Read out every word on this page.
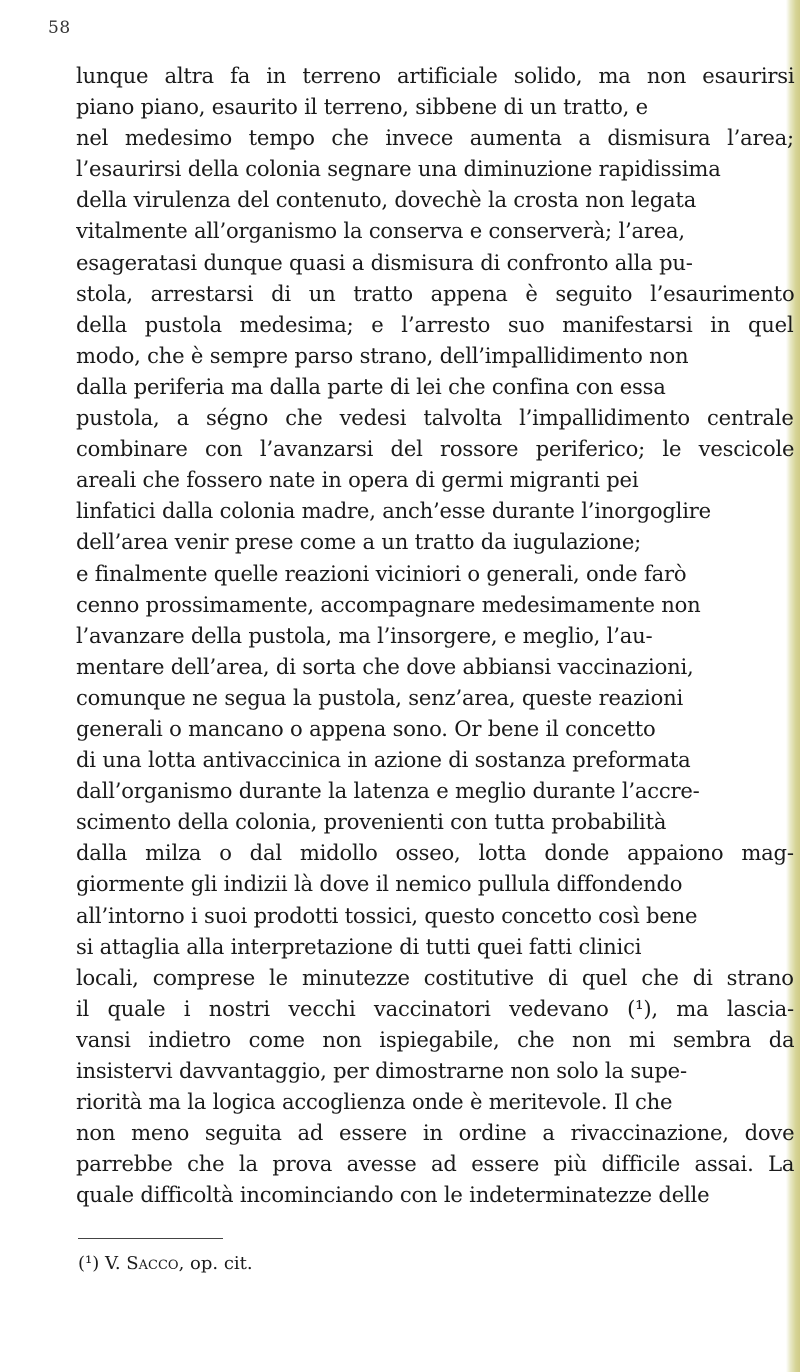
58
lunque altra fa in terreno artificiale solido, ma non esaurirsi
piano piano, esaurito il terreno, sibbene di un tratto, e
nel medesimo tempo che invece aumenta a dismisura l’area;
l’esaurirsi della colonia segnare una diminuzione rapidissima
della virulenza del contenuto, dovechè la crosta non legata
vitalmente all’organismo la conserva e conserverà; l’area,
esageratasi dunque quasi a dismisura di confronto alla pu-
stola, arrestarsi di un tratto appena è seguito l’esaurimento
della pustola medesima; e l’arresto suo manifestarsi in quel
modo, che è sempre parso strano, dell’impallidimento non
dalla periferia ma dalla parte di lei che confina con essa
pustola, a ségno che vedesi talvolta l’impallidimento centrale
combinare con l’avanzarsi del rossore periferico; le vescicole
areali che fossero nate in opera di germi migranti pei
linfatici dalla colonia madre, anch’esse durante l’inorgoglire
dell’area venir prese come a un tratto da iugulazione;
e finalmente quelle reazioni viciniori o generali, onde farò
cenno prossimamente, accompagnare medesimamente non
l’avanzare della pustola, ma l’insorgere, e meglio, l’au-
mentare dell’area, di sorta che dove abbiansi vaccinazioni,
comunque ne segua la pustola, senz’area, queste reazioni
generali o mancano o appena sono. Or bene il concetto
di una lotta antivaccinica in azione di sostanza preformata
dall’organismo durante la latenza e meglio durante l’accre-
scimento della colonia, provenienti con tutta probabilità
dalla milza o dal midollo osseo, lotta donde appaiono mag-
giormente gli indizii là dove il nemico pullula diffondendo
all’intorno i suoi prodotti tossici, questo concetto così bene
si attaglia alla interpretazione di tutti quei fatti clinici
locali, comprese le minutezze costitutive di quel che di strano
il quale i nostri vecchi vaccinatori vedevano (¹), ma lascia-
vansi indietro come non ispiegabile, che non mi sembra da
insistervi davvantaggio, per dimostrarne non solo la supe-
riorità ma la logica accoglienza onde è meritevole. Il che
non meno seguita ad essere in ordine a rivaccinazione, dove
parrebbe che la prova avesse ad essere più difficile assai. La
quale difficoltà incominciando con le indeterminatezze delle
(¹) V. Sacco, op. cit.
